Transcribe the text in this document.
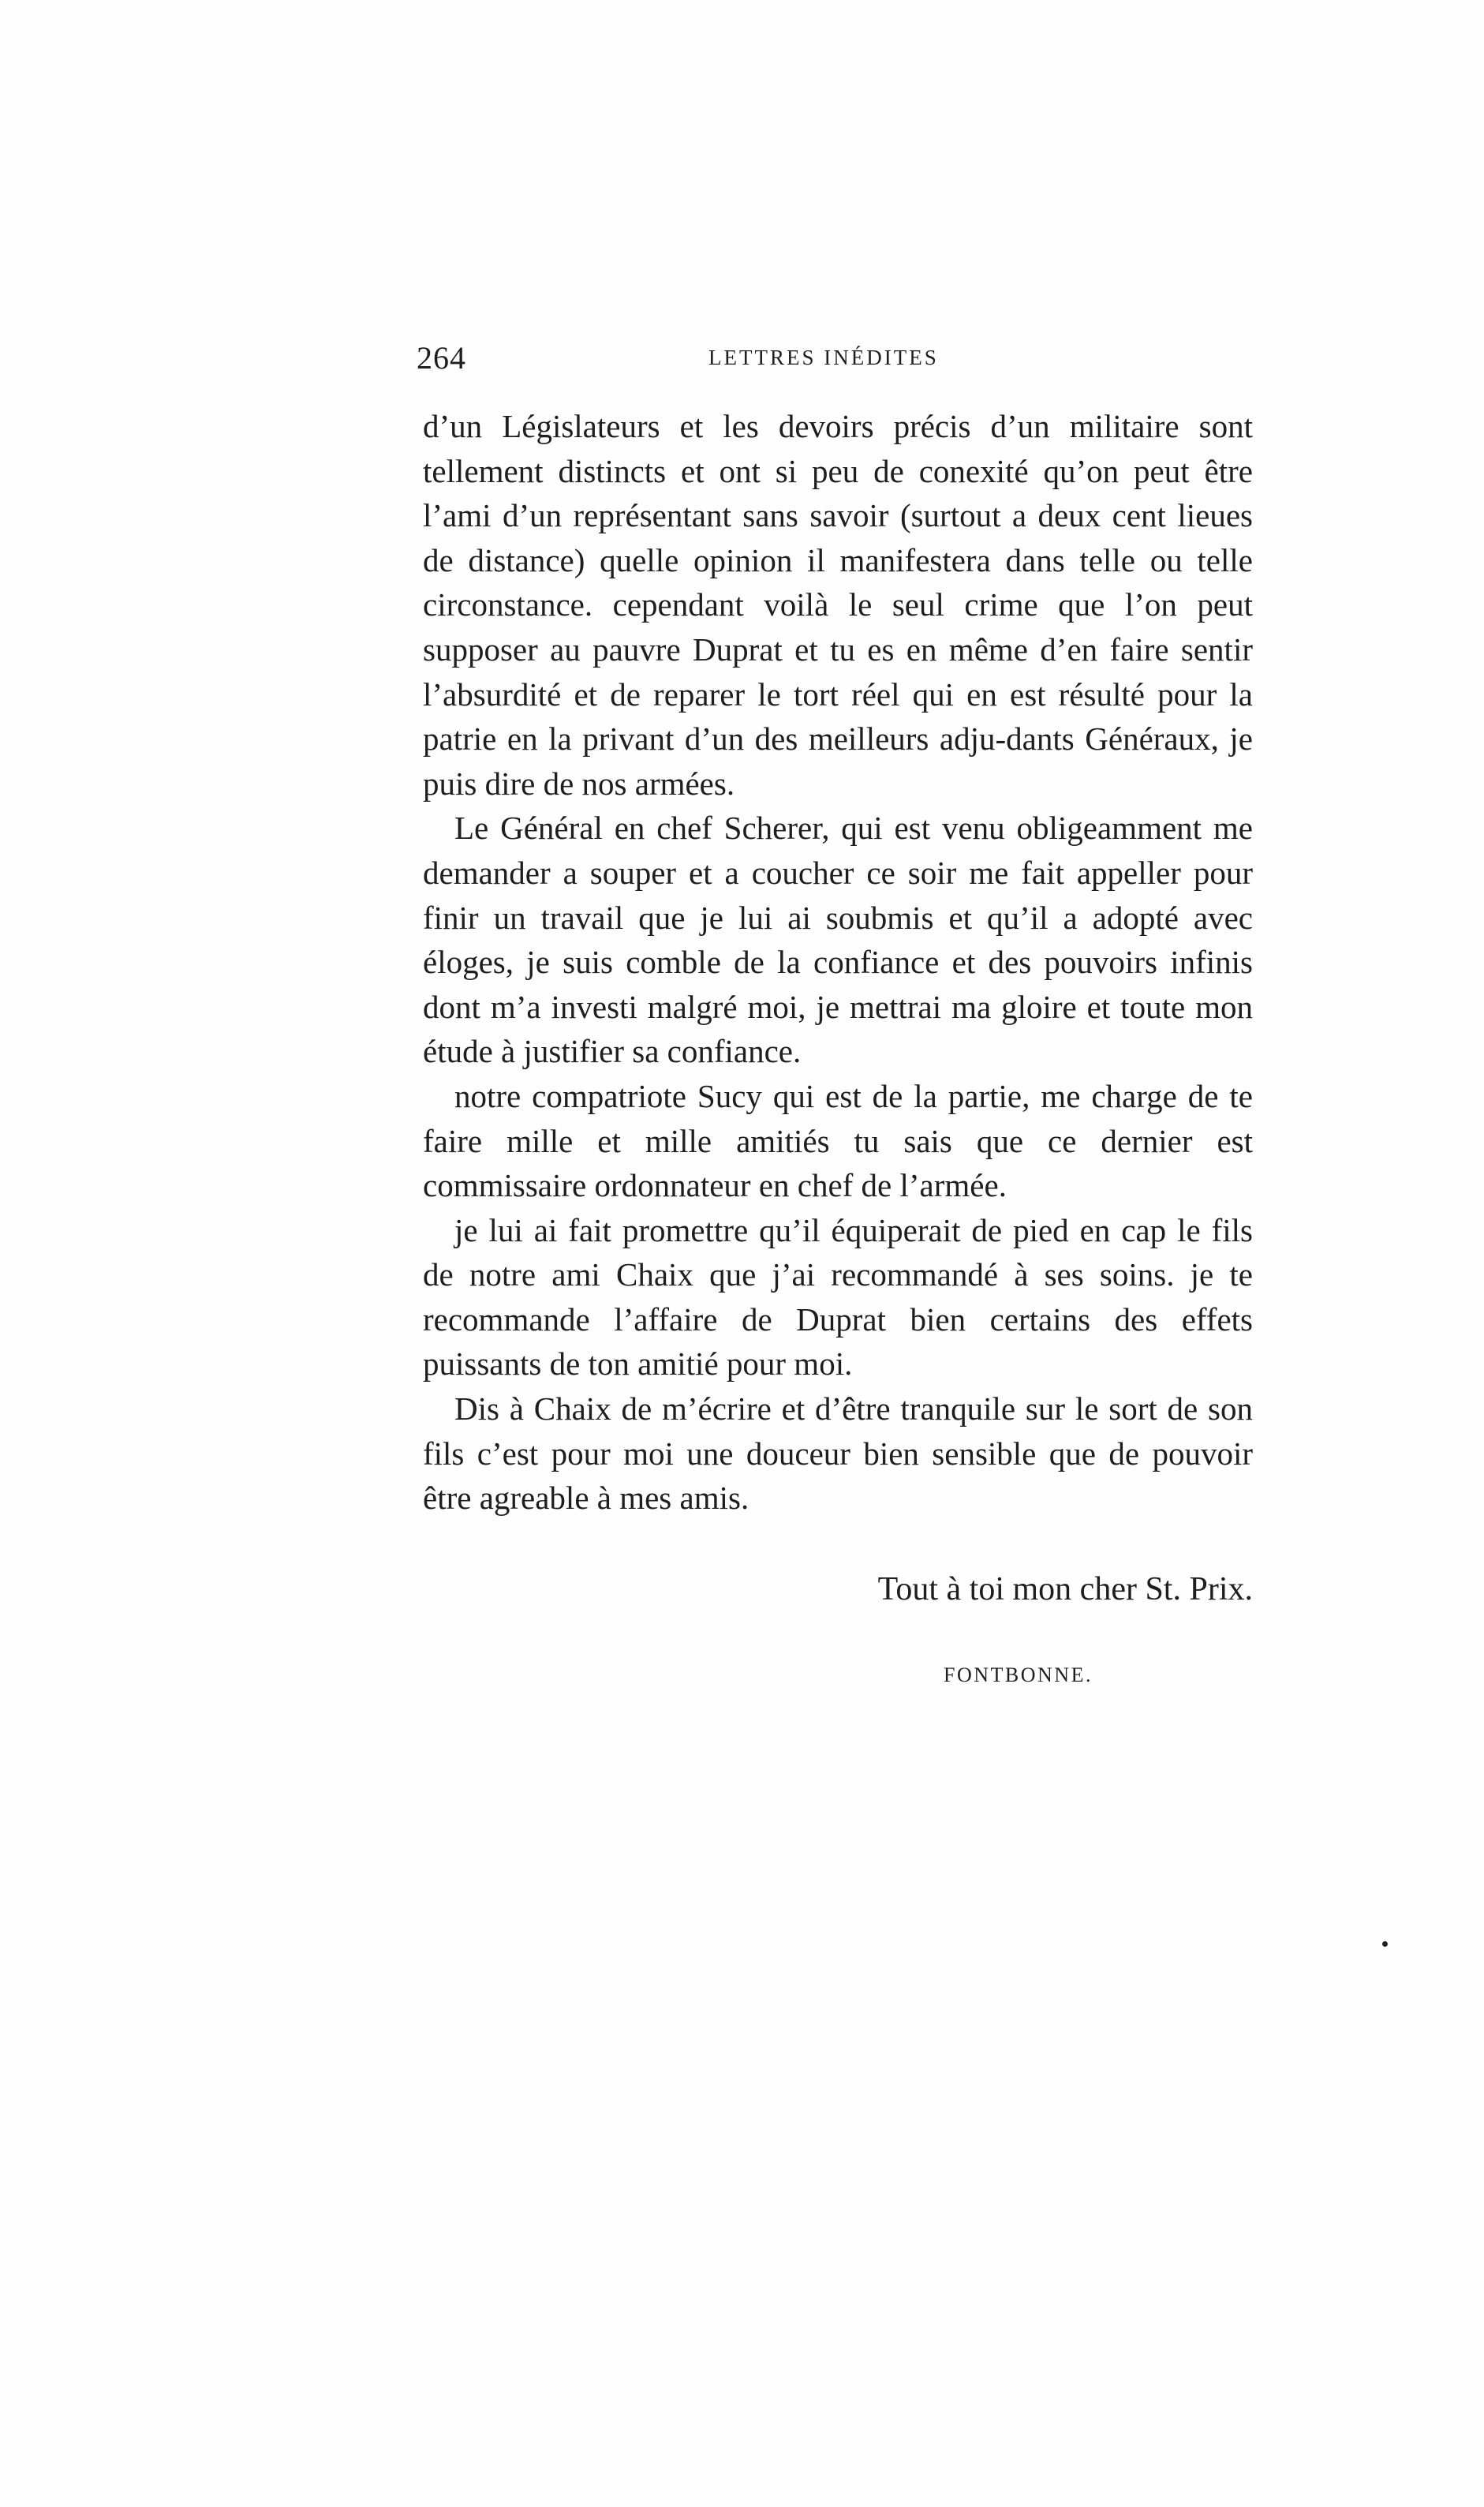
264	LETTRES INÉDITES

d’un Législateurs et les devoirs précis d’un militaire sont tellement distincts et ont si peu de conexité qu’on peut être l’ami d’un représentant sans savoir (surtout a deux cent lieues de distance) quelle opinion il manifestera dans telle ou telle circonstance. cependant voilà le seul crime que l’on peut supposer au pauvre Duprat et tu es en même d’en faire sentir l’absurdité et de reparer le tort réel qui en est résulté pour la patrie en la privant d’un des meilleurs adju-dants Généraux, je puis dire de nos armées.

Le Général en chef Scherer, qui est venu obligeamment me demander a souper et a coucher ce soir me fait appeller pour finir un travail que je lui ai soubmis et qu’il a adopté avec éloges, je suis comble de la confiance et des pouvoirs infinis dont m’a investi malgré moi, je mettrai ma gloire et toute mon étude à justifier sa confiance.

notre compatriote Sucy qui est de la partie, me charge de te faire mille et mille amitiés tu sais que ce dernier est commissaire ordonnateur en chef de l’armée.

je lui ai fait promettre qu’il équiperait de pied en cap le fils de notre ami Chaix que j’ai recommandé à ses soins. je te recommande l’affaire de Duprat bien certains des effets puissants de ton amitié pour moi.

Dis à Chaix de m’écrire et d’être tranquile sur le sort de son fils c’est pour moi une douceur bien sensible que de pouvoir être agreable à mes amis.

Tout à toi mon cher St. Prix.
FONTBONNE.
